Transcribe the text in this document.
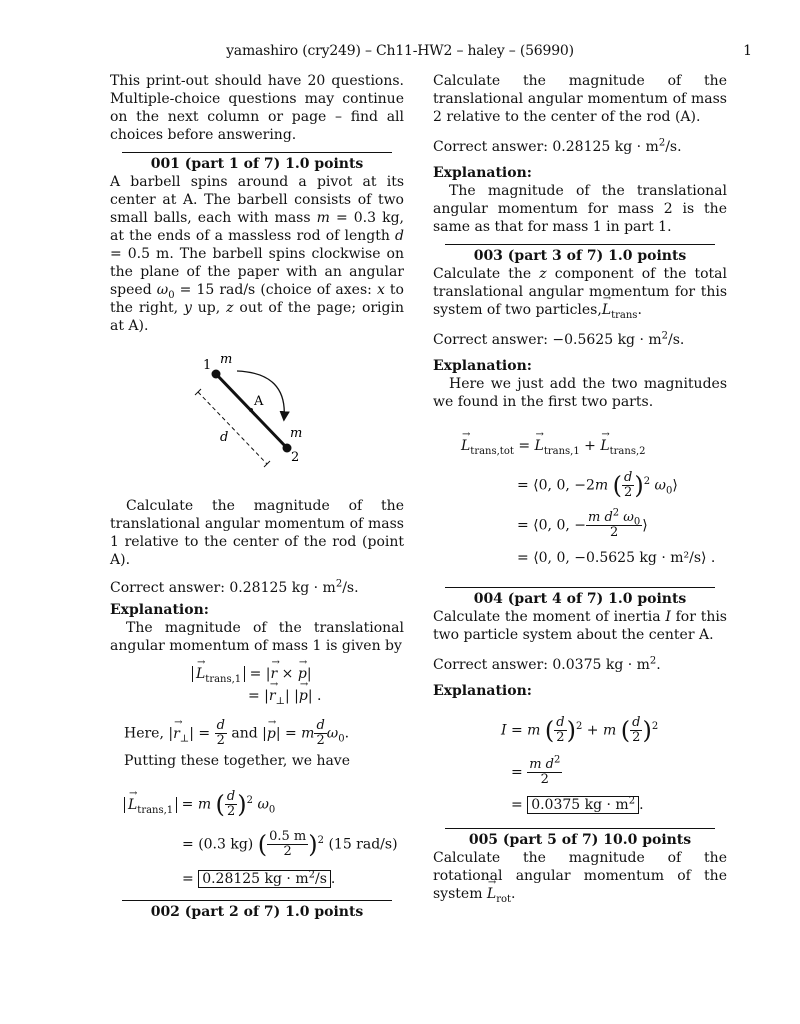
yamashiro (cry249) – Ch11-HW2 – haley – (56990)	1

This print-out should have 20 questions. Multiple-choice questions may continue on the next column or page – find all choices before answering.

001 (part 1 of 7) 1.0 points

A barbell spins around a pivot at its center at A. The barbell consists of two small balls, each with mass m = 0.3 kg, at the ends of a massless rod of length d = 0.5 m. The barbell spins clockwise on the plane of the paper with an angular speed $\omega_0 = 15$ rad/s (choice of axes: x to the right, y up, z out of the page; origin at A).

1 m
A
d	m
2

Calculate the magnitude of the translational angular momentum of mass 1 relative to the center of the rod (point A).

Correct answer: 0.28125 kg · $m^2/s$.

Explanation:

The magnitude of the translational angular momentum of mass 1 is given by

→ $L_{trans,1}$ = |→ r × → p|
= |→ $r_\perp|$ |→ p| .

Here, |→ $r_\perp| = \frac{d}{2}$ and |→ p| = m $\frac{d}{2} \omega_0$.

Putting these together, we have

→ $L_{trans,1} = m$ ( $\frac{d}{2} )^2$ $\omega_0$
= (0.3 kg) ( $\frac{0.5 m}{2} )^2$ (15 rad/s)
= 0.28125 kg · $m^2/s$ .

002 (part 2 of 7) 1.0 points

Calculate the magnitude of the translational angular momentum of mass 2 relative to the center of the rod (A).

Correct answer: 0.28125 kg · $m^2/s$.

Explanation:

The magnitude of the translational angular momentum for mass 2 is the same as that for mass 1 in part 1.

003 (part 3 of 7) 1.0 points

Calculate the z component of the total translational angular momentum for this system of two particles,→ $L_{trans}$.

Correct answer: −0.5625 kg · $m^2/s$.

Explanation:

Here we just add the two magnitudes we found in the first two parts.

→ $L_{trans,tot}$ = → $L_{trans,1}$ + → $L_{trans,2}$
= ⟨0, 0, −2m ( $\frac{d}{2} )^2$ $\omega_0⟩$
= ⟨0, 0, − $\frac{m d^2 \omega_0}{2}$ ⟩
= ⟨0, 0, −0.5625 kg · m²/s⟩ .

004 (part 4 of 7) 1.0 points

Calculate the moment of inertia I for this two particle system about the center A.

Correct answer: 0.0375 kg · $m^2$.

Explanation:

I = m ( $\frac{d}{2} )^2 + m$ ( $\frac{d}{2} )^2$
= $\frac{m d^2}{2}$
= 0.0375 kg · $m^2$ .

005 (part 5 of 7) 10.0 points

Calculate the magnitude of the rotational angular momentum of the system → $L_{rot}$.
